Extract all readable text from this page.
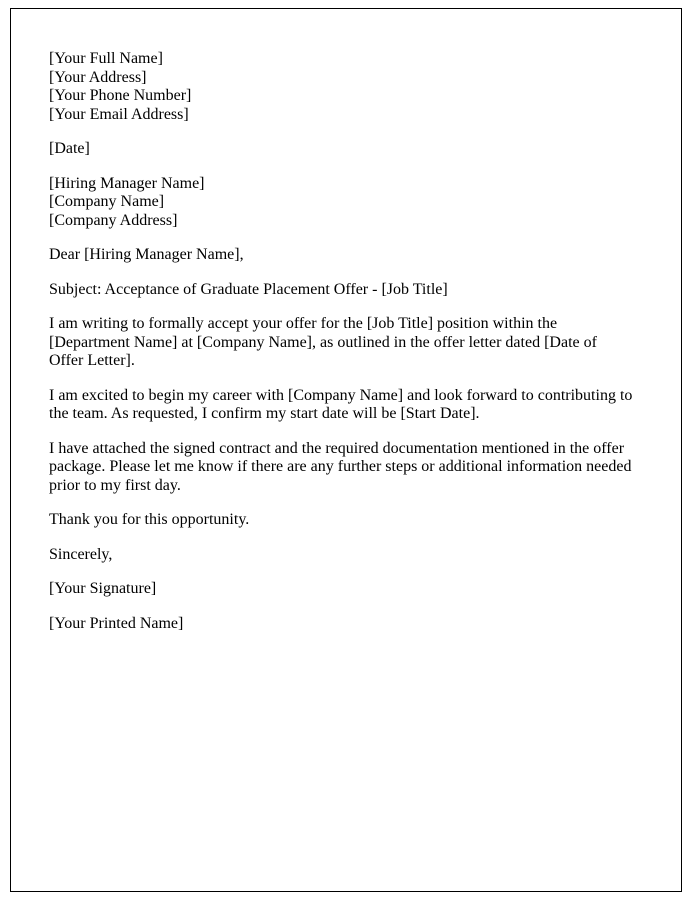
[Your Full Name]
[Your Address]
[Your Phone Number]
[Your Email Address]
[Date]
[Hiring Manager Name]
[Company Name]
[Company Address]

Dear [Hiring Manager Name],

Subject: Acceptance of Graduate Placement Offer - [Job Title]

I am writing to formally accept your offer for the [Job Title] position within the [Department Name] at [Company Name], as outlined in the offer letter dated [Date of Offer Letter].

I am excited to begin my career with [Company Name] and look forward to contributing to the team. As requested, I confirm my start date will be [Start Date].

I have attached the signed contract and the required documentation mentioned in the offer package. Please let me know if there are any further steps or additional information needed prior to my first day.

Thank you for this opportunity.

Sincerely,

[Your Signature]

[Your Printed Name]
